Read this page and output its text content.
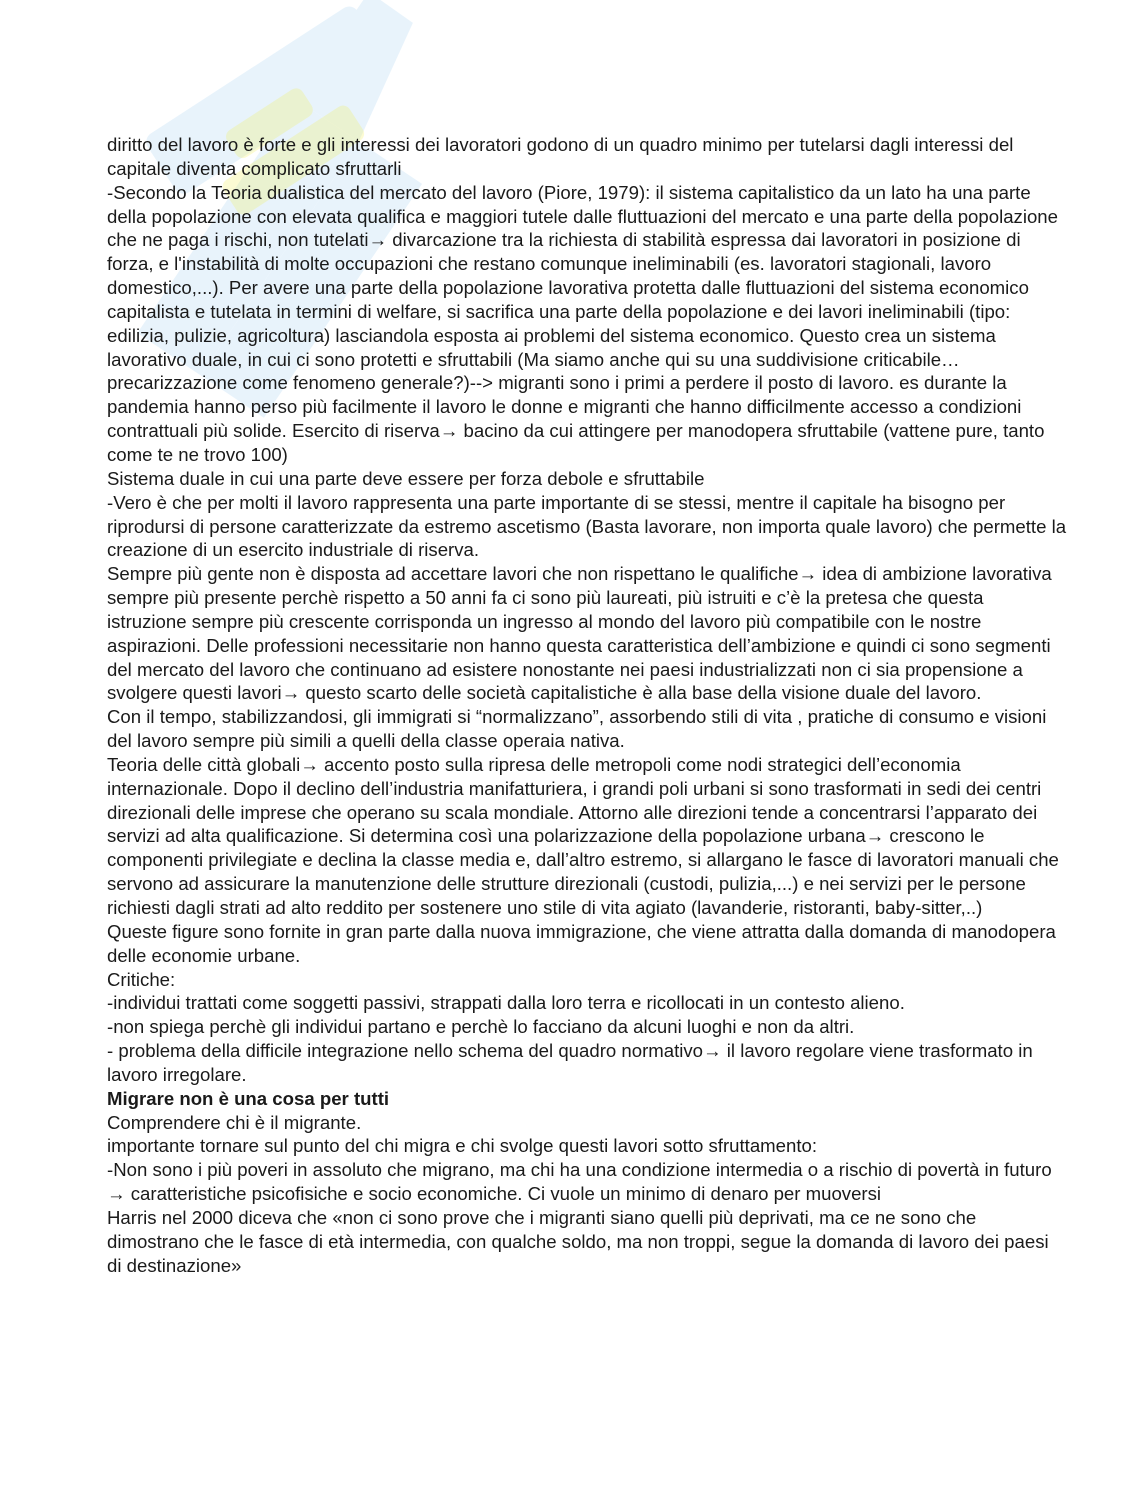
diritto del lavoro è forte e gli interessi dei lavoratori godono di un quadro minimo per tutelarsi dagli interessi del capitale diventa complicato sfruttarli

-Secondo la Teoria dualistica del mercato del lavoro (Piore, 1979): il sistema capitalistico da un lato ha una parte della popolazione con elevata qualifica e maggiori tutele dalle fluttuazioni del mercato e una parte della popolazione che ne paga i rischi, non tutelati→ divarcazione tra la richiesta di stabilità espressa dai lavoratori in posizione di forza, e l'instabilità di molte occupazioni che restano comunque ineliminabili (es. lavoratori stagionali, lavoro domestico,...). Per avere una parte della popolazione lavorativa protetta dalle fluttuazioni del sistema economico capitalista e tutelata in termini di welfare, si sacrifica una parte della popolazione e dei lavori ineliminabili (tipo: edilizia, pulizie, agricoltura) lasciandola esposta ai problemi del sistema economico. Questo crea un sistema lavorativo duale, in cui ci sono protetti e sfruttabili (Ma siamo anche qui su una suddivisione criticabile… precarizzazione come fenomeno generale?)--> migranti sono i primi a perdere il posto di lavoro. es durante la pandemia hanno perso più facilmente il lavoro le donne e migranti che hanno difficilmente accesso a condizioni contrattuali più solide. Esercito di riserva→ bacino da cui attingere per manodopera sfruttabile (vattene pure, tanto come te ne trovo 100)

Sistema duale in cui una parte deve essere per forza debole e sfruttabile

-Vero è che per molti il lavoro rappresenta una parte importante di se stessi, mentre il capitale ha bisogno per riprodursi di persone caratterizzate da estremo ascetismo (Basta lavorare, non importa quale lavoro) che permette la creazione di un esercito industriale di riserva.

Sempre più gente non è disposta ad accettare lavori che non rispettano le qualifiche→ idea di ambizione lavorativa sempre più presente perchè rispetto a 50 anni fa ci sono più laureati, più istruiti e c’è la pretesa che questa istruzione sempre più crescente corrisponda un ingresso al mondo del lavoro più compatibile con le nostre aspirazioni. Delle professioni necessitarie non hanno questa caratteristica dell’ambizione e quindi ci sono segmenti del mercato del lavoro che continuano ad esistere nonostante nei paesi industrializzati non ci sia propensione a svolgere questi lavori→ questo scarto delle società capitalistiche è alla base della visione duale del lavoro.

Con il tempo, stabilizzandosi, gli immigrati si “normalizzano”, assorbendo stili di vita , pratiche di consumo e visioni del lavoro sempre più simili a quelli della classe operaia nativa.

Teoria delle città globali→ accento posto sulla ripresa delle metropoli come nodi strategici dell’economia internazionale. Dopo il declino dell’industria manifatturiera, i grandi poli urbani si sono trasformati in sedi dei centri direzionali delle imprese che operano su scala mondiale. Attorno alle direzioni tende a concentrarsi l’apparato dei servizi ad alta qualificazione. Si determina così una polarizzazione della popolazione urbana→ crescono le componenti privilegiate e declina la classe media e, dall’altro estremo, si allargano le fasce di lavoratori manuali che servono ad assicurare la manutenzione delle strutture direzionali (custodi, pulizia,...) e nei servizi per le persone richiesti dagli strati ad alto reddito per sostenere uno stile di vita agiato (lavanderie, ristoranti, baby-sitter,..)

Queste figure sono fornite in gran parte dalla nuova immigrazione, che viene attratta dalla domanda di manodopera delle economie urbane.

Critiche:

-individui trattati come soggetti passivi, strappati dalla loro terra e ricollocati in un contesto alieno.

-non spiega perchè gli individui partano e perchè lo facciano da alcuni luoghi e non da altri.

- problema della difficile integrazione nello schema del quadro normativo→ il lavoro regolare viene trasformato in lavoro irregolare.

Migrare non è una cosa per tutti

Comprendere chi è il migrante.

importante tornare sul punto del chi migra e chi svolge questi lavori sotto sfruttamento:

-Non sono i più poveri in assoluto che migrano, ma chi ha una condizione intermedia o a rischio di povertà in futuro → caratteristiche psicofisiche e socio economiche. Ci vuole un minimo di denaro per muoversi

Harris nel 2000 diceva che «non ci sono prove che i migranti siano quelli più deprivati, ma ce ne sono che dimostrano che le fasce di età intermedia, con qualche soldo, ma non troppi, segue la domanda di lavoro dei paesi di destinazione»
